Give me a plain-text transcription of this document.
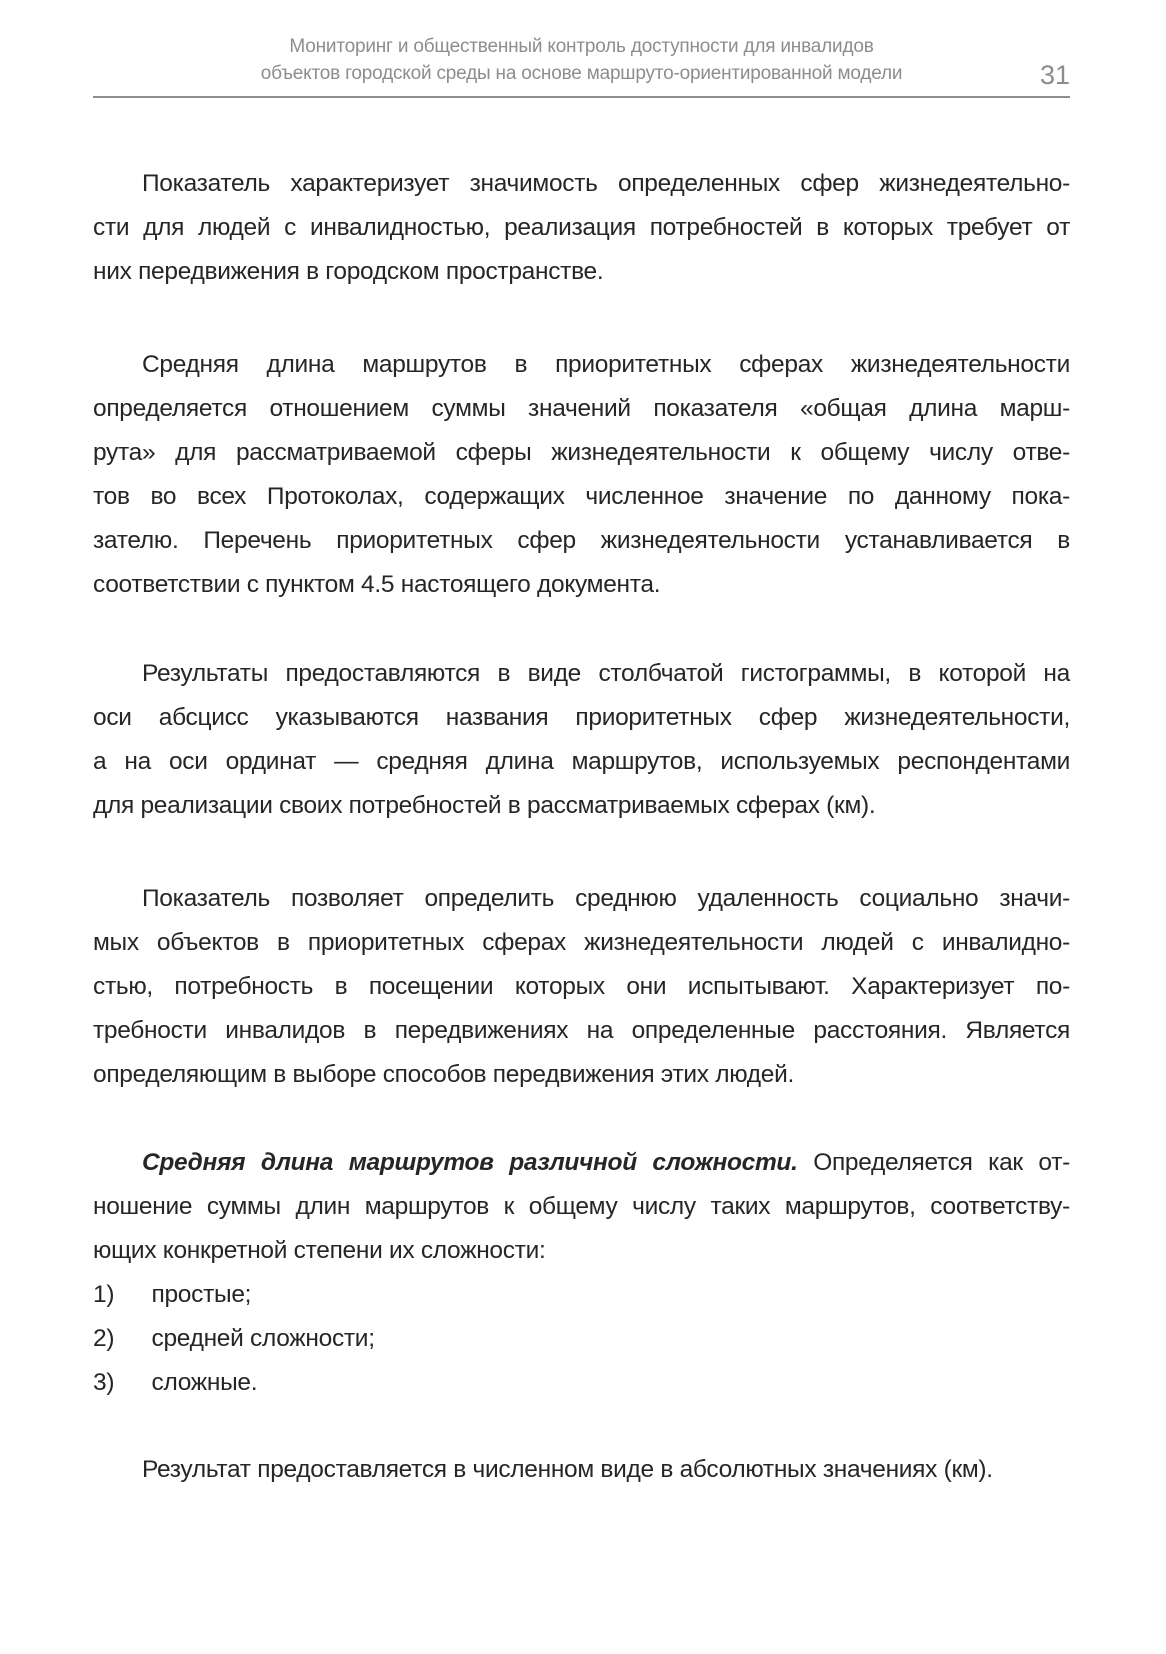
Мониторинг и общественный контроль доступности для инвалидов
объектов городской среды на основе маршруто-ориентированной модели	31
Показатель характеризует значимость определенных сфер жизнедеятельно-
сти для людей с инвалидностью, реализация потребностей в которых требует от
них передвижения в городском пространстве.
Средняя длина маршрутов в приоритетных сферах жизнедеятельности
определяется отношением суммы значений показателя «общая длина марш-
рута» для рассматриваемой сферы жизнедеятельности к общему числу отве-
тов во всех Протоколах, содержащих численное значение по данному пока-
зателю. Перечень приоритетных сфер жизнедеятельности устанавливается в
соответствии с пунктом 4.5 настоящего документа.
Результаты предоставляются в виде столбчатой гистограммы, в которой на
оси абсцисс указываются названия приоритетных сфер жизнедеятельности,
а на оси ординат — средняя длина маршрутов, используемых респондентами
для реализации своих потребностей в рассматриваемых сферах (км).
Показатель позволяет определить среднюю удаленность социально значи-
мых объектов в приоритетных сферах жизнедеятельности людей с инвалидно-
стью, потребность в посещении которых они испытывают. Характеризует по-
требности инвалидов в передвижениях на определенные расстояния. Является
определяющим в выборе способов передвижения этих людей.
Средняя длина маршрутов различной сложности. Определяется как от-
ношение суммы длин маршрутов к общему числу таких маршрутов, соответству-
ющих конкретной степени их сложности:
1) простые;
2) средней сложности;
3) сложные.
Результат предоставляется в численном виде в абсолютных значениях (км).
